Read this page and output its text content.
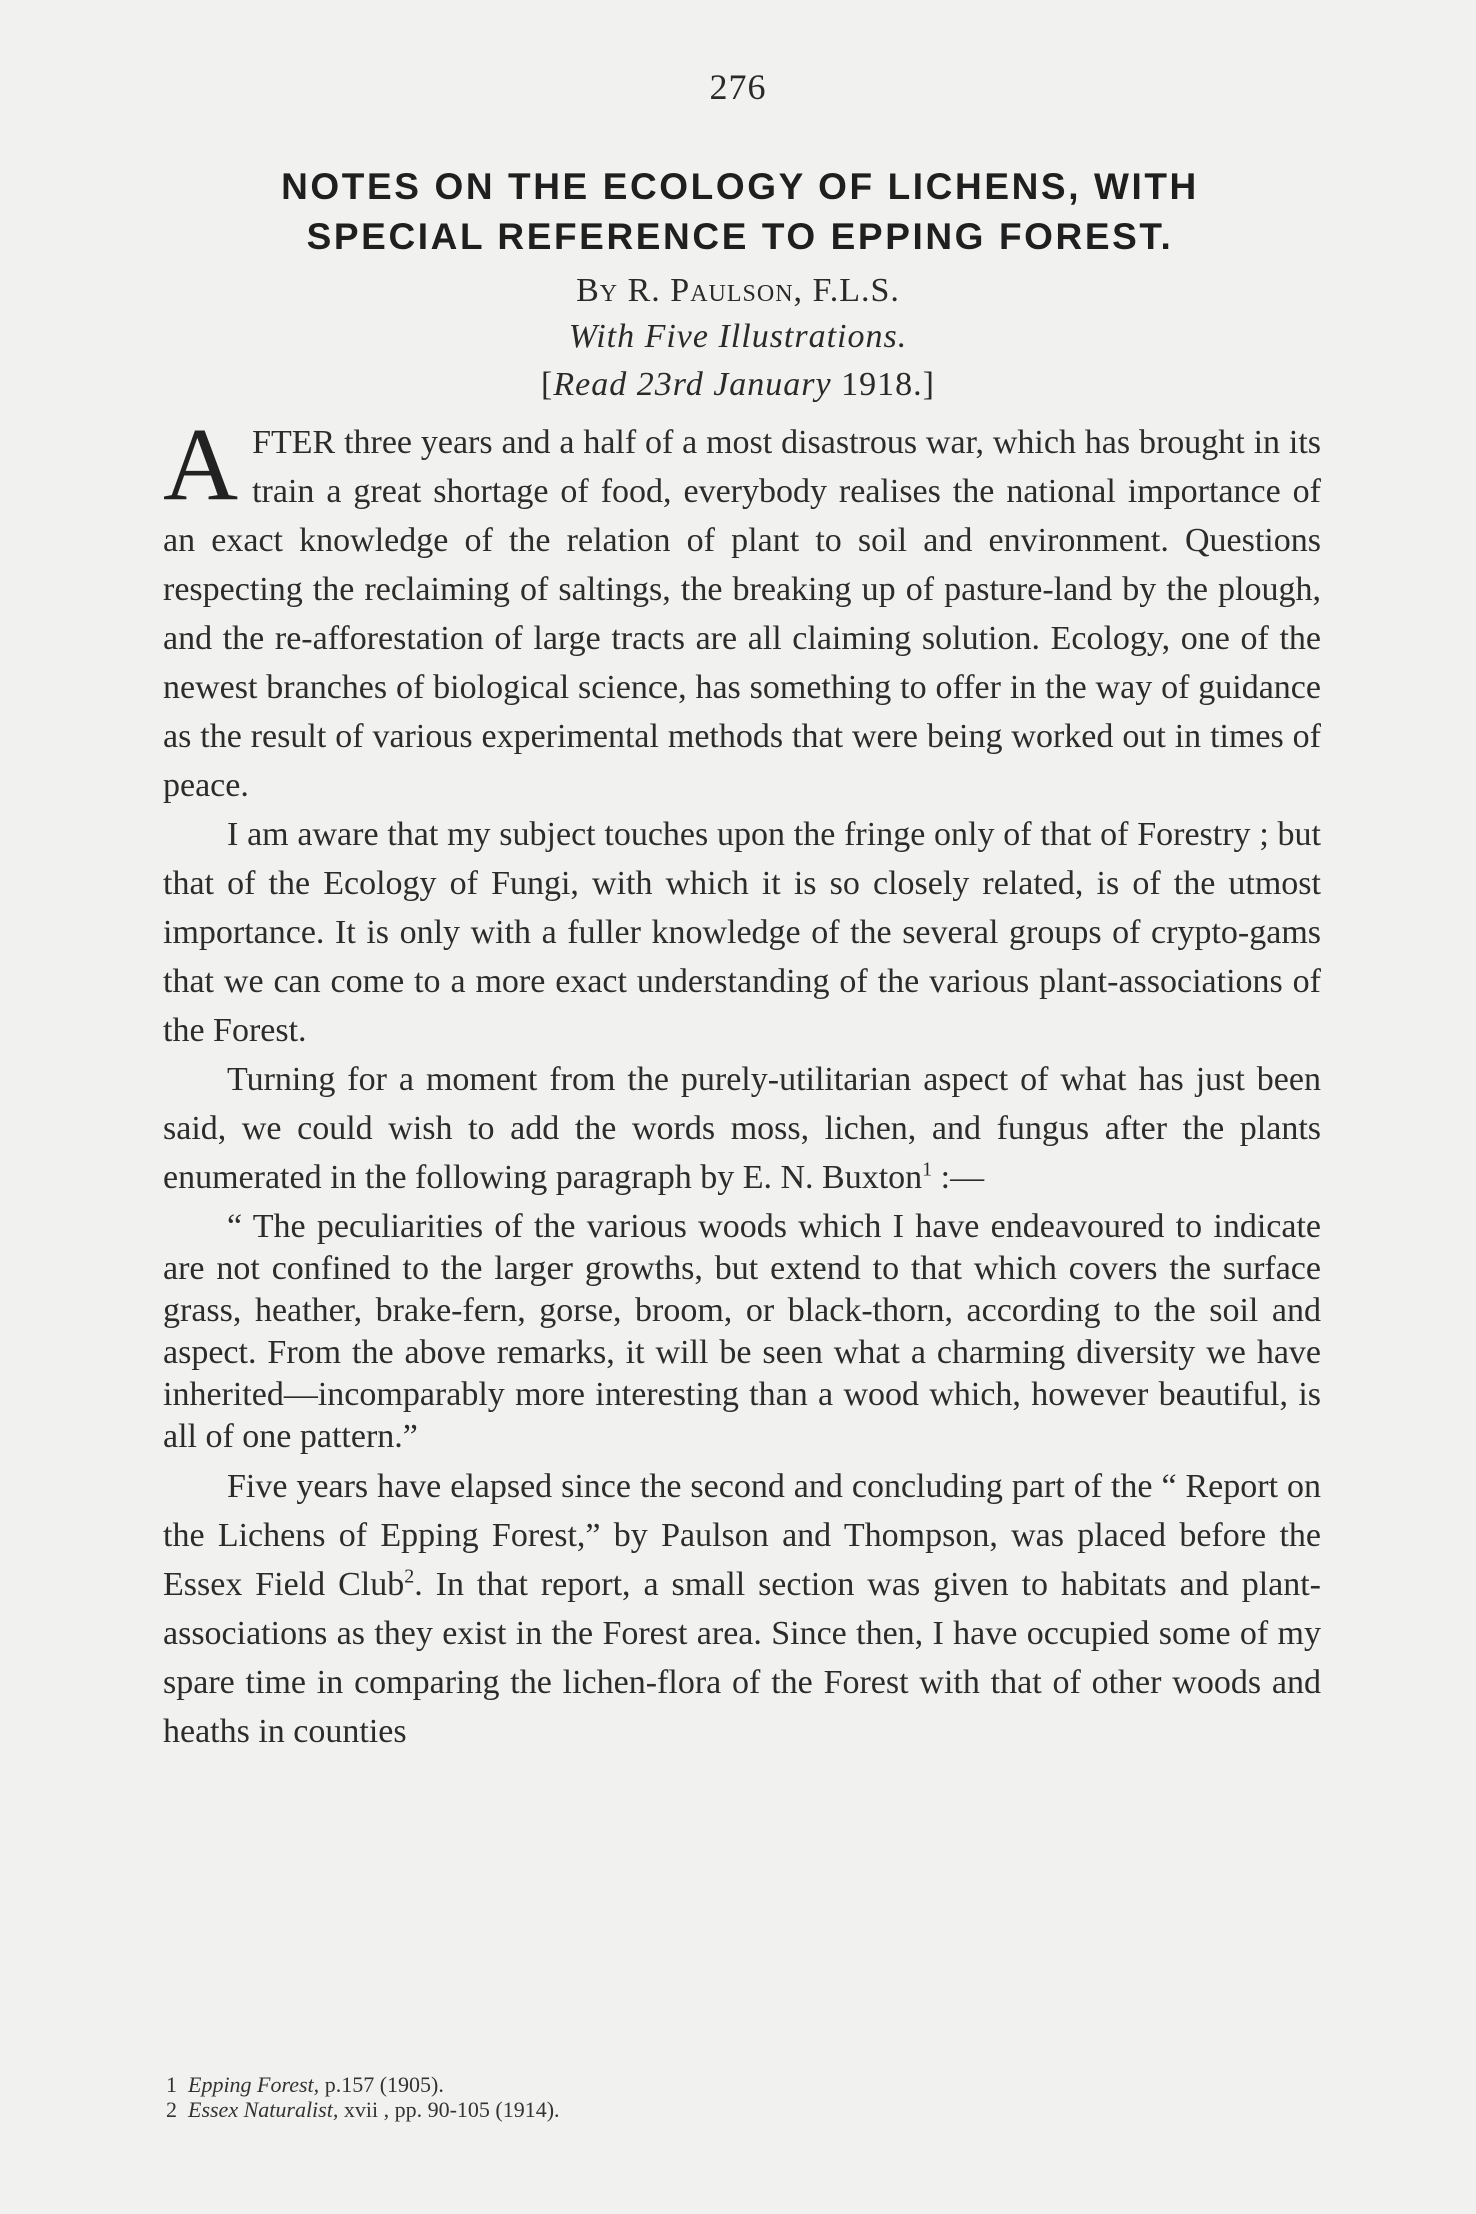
276
NOTES ON THE ECOLOGY OF LICHENS, WITH
SPECIAL REFERENCE TO EPPING FOREST.
By R. Paulson, F.L.S.
With Five Illustrations.
[Read 23rd January 1918.]

AFTER three years and a half of a most disastrous war, which has brought in its train a great shortage of food, everybody realises the national importance of an exact knowledge of the relation of plant to soil and environment. Questions respecting the reclaiming of saltings, the breaking up of pasture-land by the plough, and the re-afforestation of large tracts are all claiming solution. Ecology, one of the newest branches of biological science, has something to offer in the way of guidance as the result of various experimental methods that were being worked out in times of peace.

I am aware that my subject touches upon the fringe only of that of Forestry ; but that of the Ecology of Fungi, with which it is so closely related, is of the utmost importance. It is only with a fuller knowledge of the several groups of crypto-gams that we can come to a more exact understanding of the various plant-associations of the Forest.

Turning for a moment from the purely-utilitarian aspect of what has just been said, we could wish to add the words moss, lichen, and fungus after the plants enumerated in the following paragraph by E. N. Buxton$^1$ :—

“ The peculiarities of the various woods which I have endeavoured to indicate are not confined to the larger growths, but extend to that which covers the surface grass, heather, brake-fern, gorse, broom, or black-thorn, according to the soil and aspect. From the above remarks, it will be seen what a charming diversity we have inherited—incomparably more interesting than a wood which, however beautiful, is all of one pattern.”

Five years have elapsed since the second and concluding part of the “ Report on the Lichens of Epping Forest,” by Paulson and Thompson, was placed before the Essex Field Club$^2$. In that report, a small section was given to habitats and plant-associations as they exist in the Forest area. Since then, I have occupied some of my spare time in comparing the lichen-flora of the Forest with that of other woods and heaths in counties

1 Epping Forest, p.157 (1905).
2 Essex Naturalist, xvii , pp. 90-105 (1914).
